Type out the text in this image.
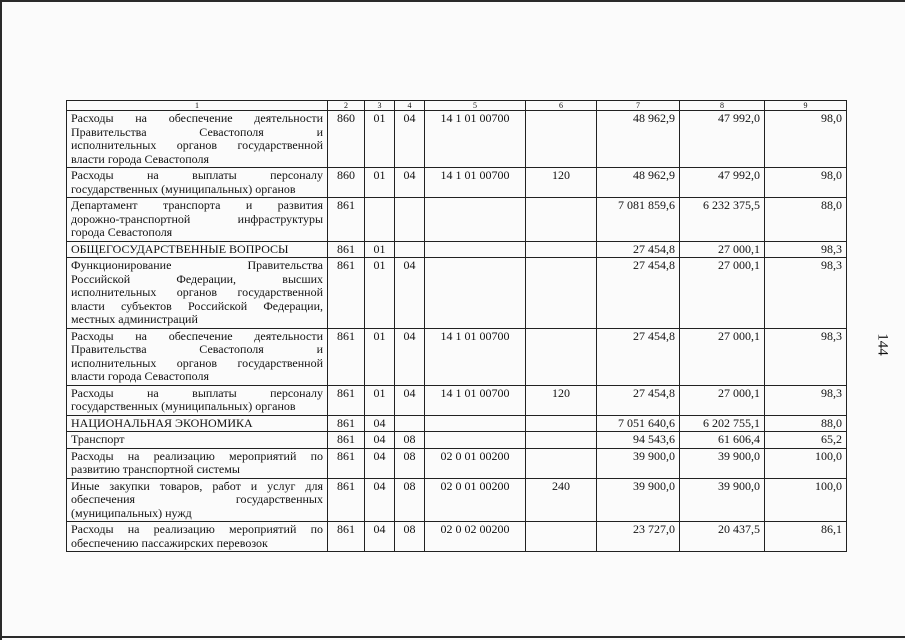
144
1	2	3	4	5	6	7	8	9

Расходы на обеспечение деятельности
Правительства Севастополя и
исполнительных органов государственной
власти города Севастополя	860	01	04	14 1 01 00700		48 962,9	47 992,0	98,0

Расходы на выплаты персоналу
государственных (муниципальных) органов	860	01	04	14 1 01 00700	120	48 962,9	47 992,0	98,0

Департамент транспорта и развития
дорожно-транспортной инфраструктуры
города Севастополя	861					7 081 859,6	6 232 375,5	88,0

ОБЩЕГОСУДАРСТВЕННЫЕ ВОПРОСЫ	861	01				27 454,8	27 000,1	98,3

Функционирование Правительства
Российской Федерации, высших
исполнительных органов государственной
власти субъектов Российской Федерации,
местных администраций	861	01	04			27 454,8	27 000,1	98,3

Расходы на обеспечение деятельности
Правительства Севастополя и
исполнительных органов государственной
власти города Севастополя	861	01	04	14 1 01 00700		27 454,8	27 000,1	98,3

Расходы на выплаты персоналу
государственных (муниципальных) органов	861	01	04	14 1 01 00700	120	27 454,8	27 000,1	98,3

НАЦИОНАЛЬНАЯ ЭКОНОМИКА	861	04				7 051 640,6	6 202 755,1	88,0

Транспорт	861	04	08			94 543,6	61 606,4	65,2

Расходы на реализацию мероприятий по
развитию транспортной системы	861	04	08	02 0 01 00200		39 900,0	39 900,0	100,0

Иные закупки товаров, работ и услуг для
обеспечения государственных
(муниципальных) нужд	861	04	08	02 0 01 00200	240	39 900,0	39 900,0	100,0

Расходы на реализацию мероприятий по
обеспечению пассажирских перевозок	861	04	08	02 0 02 00200		23 727,0	20 437,5	86,1
